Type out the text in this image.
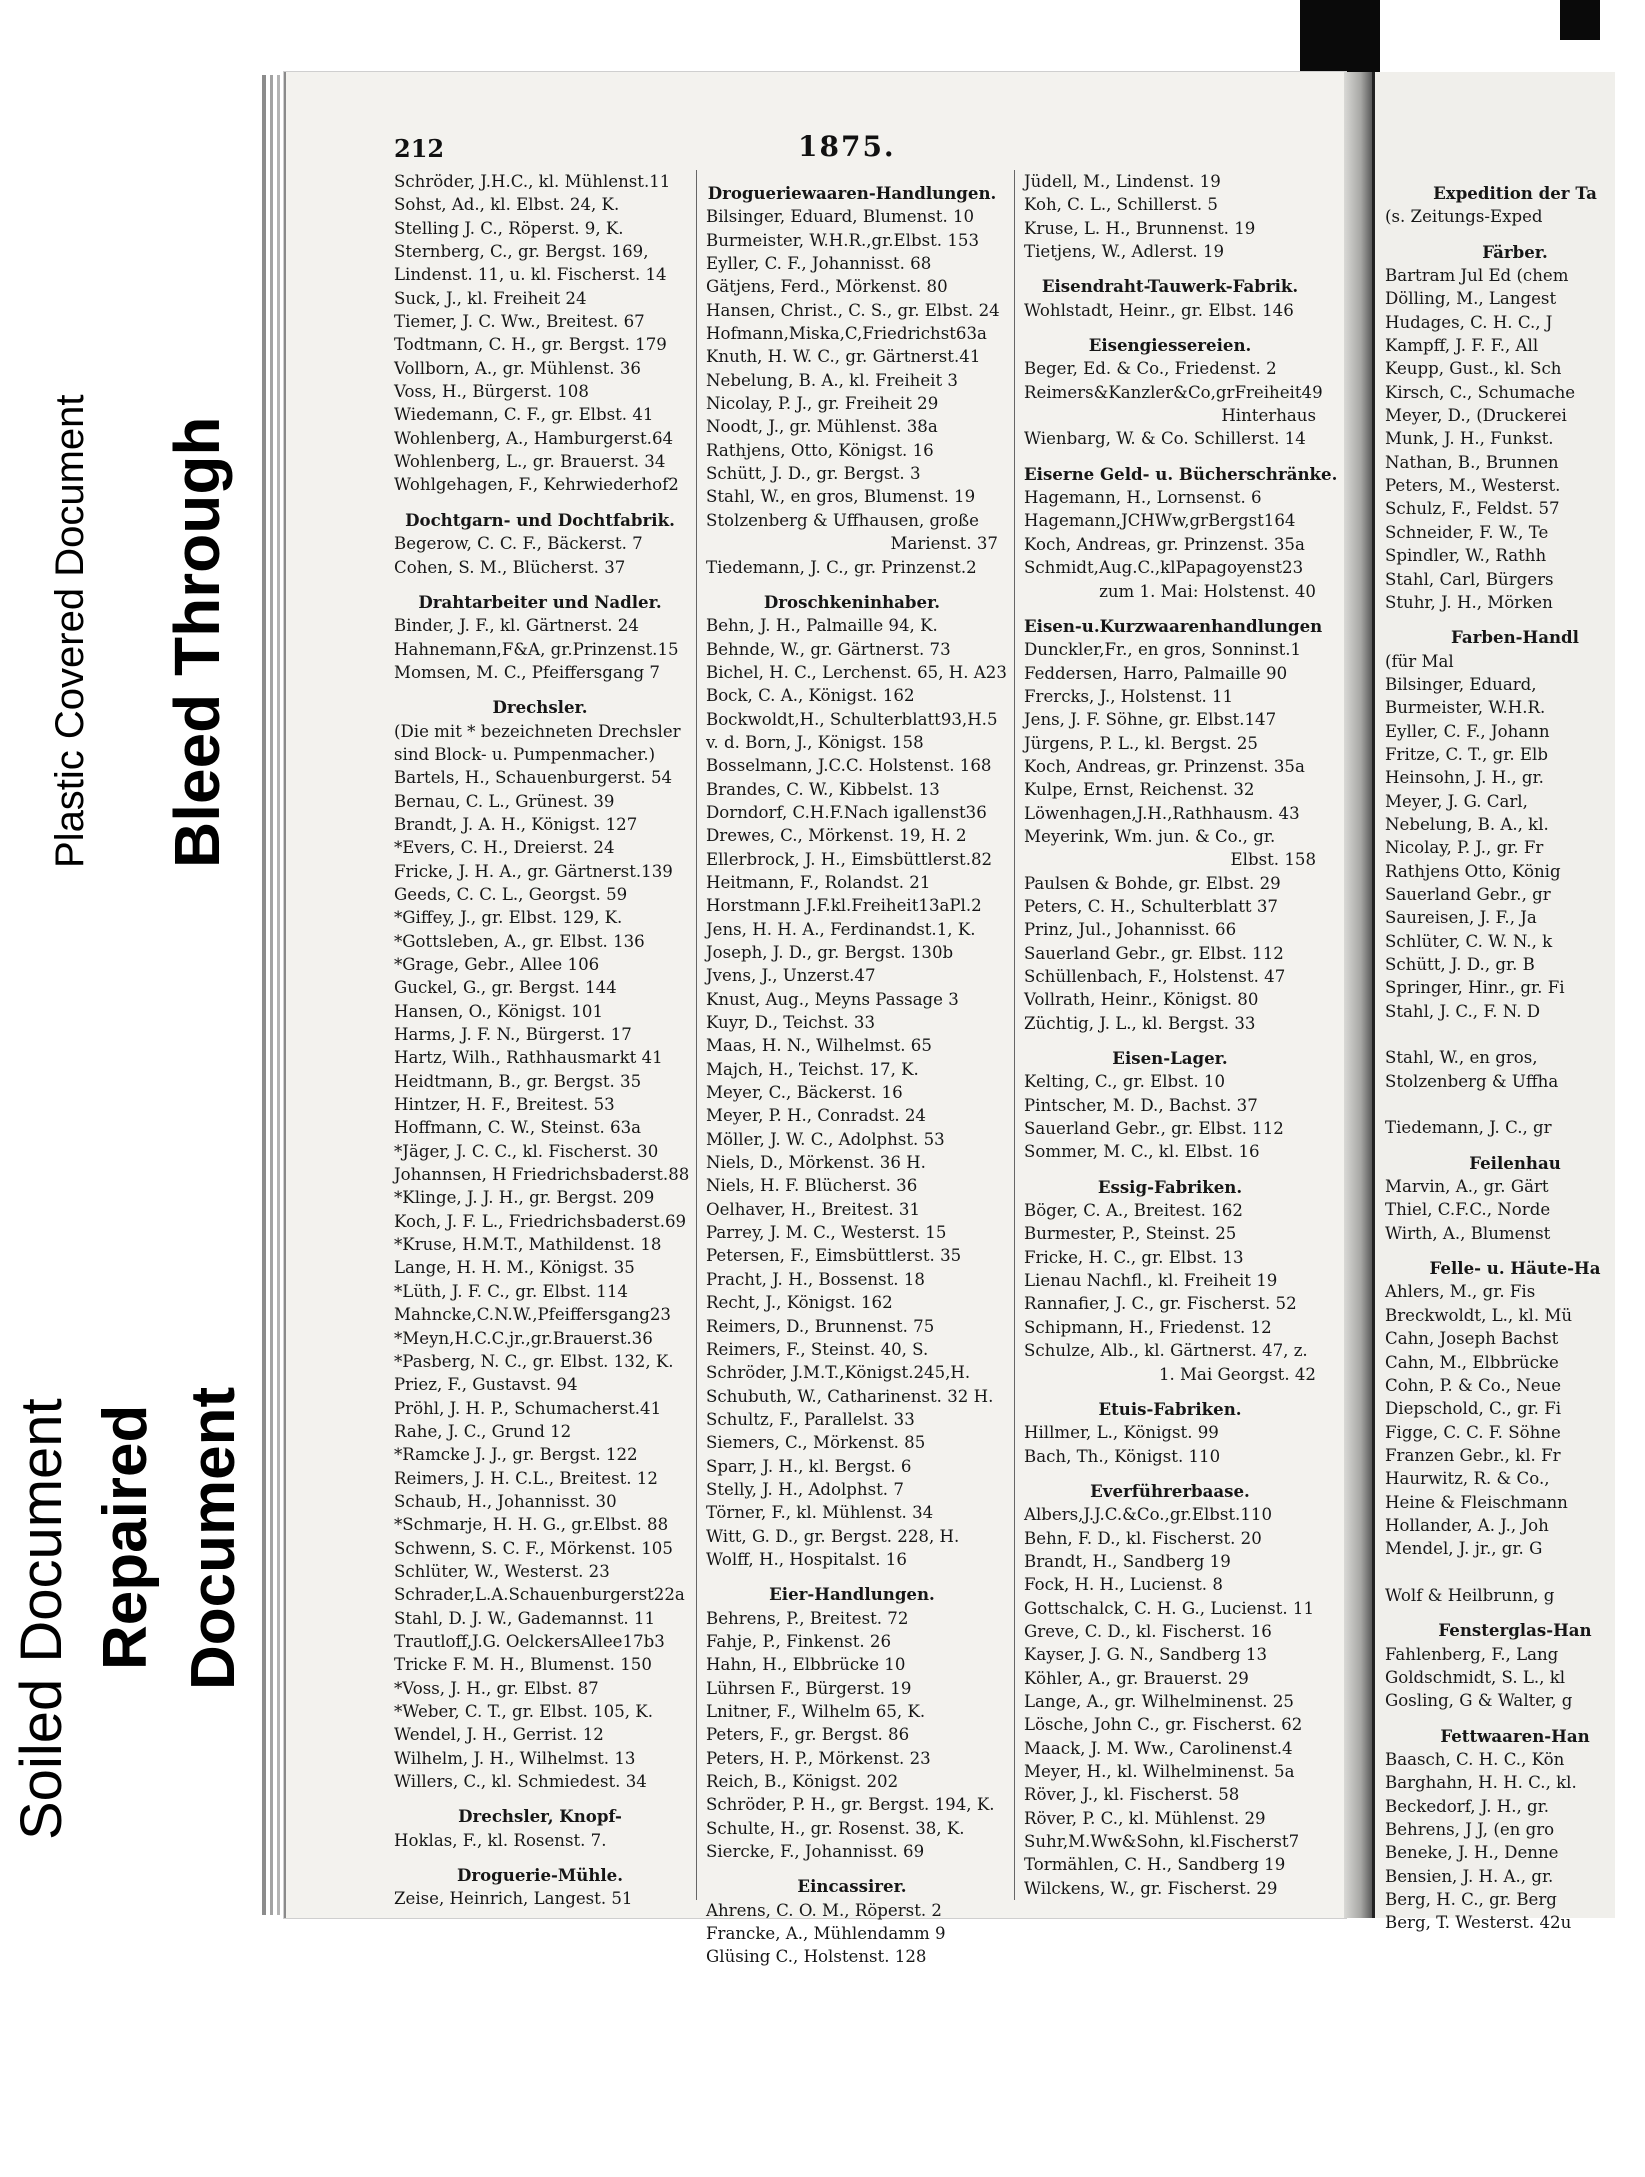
Plastic Covered Document Bleed Through
Soiled Document Repaired Document
212	1875.
Schröder, J.H.C., kl. Mühlenst.11
Sohst, Ad., kl. Elbst. 24, K.
Stelling J. C., Röperst. 9, K.
Sternberg, C., gr. Bergst. 169,
Lindenst. 11, u. kl. Fischerst. 14
Suck, J., kl. Freiheit 24
Tiemer, J. C. Ww., Breitest. 67
Todtmann, C. H., gr. Bergst. 179
Vollborn, A., gr. Mühlenst. 36
Voss, H., Bürgerst. 108
Wiedemann, C. F., gr. Elbst. 41
Wohlenberg, A., Hamburgerst.64
Wohlenberg, L., gr. Brauerst. 34
Wohlgehagen, F., Kehrwiederhof2
Dochtgarn- und Dochtfabrik.
Begerow, C. C. F., Bäckerst. 7
Cohen, S. M., Blücherst. 37
Drahtarbeiter und Nadler.
Binder, J. F., kl. Gärtnerst. 24
Hahnemann,F&A, gr.Prinzenst.15
Momsen, M. C., Pfeiffersgang 7
Drechsler.
(Die mit * bezeichneten Drechsler
sind Block- u. Pumpenmacher.)
Bartels, H., Schauenburgerst. 54
Bernau, C. L., Grünest. 39
Brandt, J. A. H., Königst. 127
*Evers, C. H., Dreierst. 24
Fricke, J. H. A., gr. Gärtnerst.139
Geeds, C. C. L., Georgst. 59
*Giffey, J., gr. Elbst. 129, K.
*Gottsleben, A., gr. Elbst. 136
*Grage, Gebr., Allee 106
Guckel, G., gr. Bergst. 144
Hansen, O., Königst. 101
Harms, J. F. N., Bürgerst. 17
Hartz, Wilh., Rathhausmarkt 41
Heidtmann, B., gr. Bergst. 35
Hintzer, H. F., Breitest. 53
Hoffmann, C. W., Steinst. 63a
*Jäger, J. C. C., kl. Fischerst. 30
Johannsen, H Friedrichsbaderst.88
*Klinge, J. J. H., gr. Bergst. 209
Koch, J. F. L., Friedrichsbaderst.69
*Kruse, H.M.T., Mathildenst. 18
Lange, H. H. M., Königst. 35
*Lüth, J. F. C., gr. Elbst. 114
Mahncke,C.N.W.,Pfeiffersgang23
*Meyn,H.C.C.jr.,gr.Brauerst.36
*Pasberg, N. C., gr. Elbst. 132, K.
Priez, F., Gustavst. 94
Pröhl, J. H. P., Schumacherst.41
Rahe, J. C., Grund 12
*Ramcke J. J., gr. Bergst. 122
Reimers, J. H. C.L., Breitest. 12
Schaub, H., Johannisst. 30
*Schmarje, H. H. G., gr.Elbst. 88
Schwenn, S. C. F., Mörkenst. 105
Schlüter, W., Westerst. 23
Schrader,L.A.Schauenburgerst22a
Stahl, D. J. W., Gademannst. 11
Trautloff,J.G. OelckersAllee17b3
Tricke F. M. H., Blumenst. 150
*Voss, J. H., gr. Elbst. 87
*Weber, C. T., gr. Elbst. 105, K.
Wendel, J. H., Gerrist. 12
Wilhelm, J. H., Wilhelmst. 13
Willers, C., kl. Schmiedest. 34
Drechsler, Knopf-
Hoklas, F., kl. Rosenst. 7.
Droguerie-Mühle.
Zeise, Heinrich, Langest. 51
Drogueriewaaren-Handlungen.
Bilsinger, Eduard, Blumenst. 10
Burmeister, W.H.R.,gr.Elbst. 153
Eyller, C. F., Johannisst. 68
Gätjens, Ferd., Mörkenst. 80
Hansen, Christ., C. S., gr. Elbst. 24
Hofmann,Miska,C,Friedrichst63a
Knuth, H. W. C., gr. Gärtnerst.41
Nebelung, B. A., kl. Freiheit 3
Nicolay, P. J., gr. Freiheit 29
Noodt, J., gr. Mühlenst. 38a
Rathjens, Otto, Königst. 16
Schütt, J. D., gr. Bergst. 3
Stahl, W., en gros, Blumenst. 19
Stolzenberg & Uffhausen, große
Marienst. 37
Tiedemann, J. C., gr. Prinzenst.2
Droschkeninhaber.
Behn, J. H., Palmaille 94, K.
Behnde, W., gr. Gärtnerst. 73
Bichel, H. C., Lerchenst. 65, H. A23
Bock, C. A., Königst. 162
Bockwoldt,H., Schulterblatt93,H.5
v. d. Born, J., Königst. 158
Bosselmann, J.C.C. Holstenst. 168
Brandes, C. W., Kibbelst. 13
Dorndorf, C.H.F.Nach igallenst36
Drewes, C., Mörkenst. 19, H. 2
Ellerbrock, J. H., Eimsbüttlerst.82
Heitmann, F., Rolandst. 21
Horstmann J.F.kl.Freiheit13aPl.2
Jens, H. H. A., Ferdinandst.1, K.
Joseph, J. D., gr. Bergst. 130b
Jvens, J., Unzerst.47
Knust, Aug., Meyns Passage 3
Kuyr, D., Teichst. 33
Maas, H. N., Wilhelmst. 65
Majch, H., Teichst. 17, K.
Meyer, C., Bäckerst. 16
Meyer, P. H., Conradst. 24
Möller, J. W. C., Adolphst. 53
Niels, D., Mörkenst. 36 H.
Niels, H. F. Blücherst. 36
Oelhaver, H., Breitest. 31
Parrey, J. M. C., Westerst. 15
Petersen, F., Eimsbüttlerst. 35
Pracht, J. H., Bossenst. 18
Recht, J., Königst. 162
Reimers, D., Brunnenst. 75
Reimers, F., Steinst. 40, S.
Schröder, J.M.T.,Königst.245,H.
Schubuth, W., Catharinenst. 32 H.
Schultz, F., Parallelst. 33
Siemers, C., Mörkenst. 85
Sparr, J. H., kl. Bergst. 6
Stelly, J. H., Adolphst. 7
Törner, F., kl. Mühlenst. 34
Witt, G. D., gr. Bergst. 228, H.
Wolff, H., Hospitalst. 16
Eier-Handlungen.
Behrens, P., Breitest. 72
Fahje, P., Finkenst. 26
Hahn, H., Elbbrücke 10
Lührsen F., Bürgerst. 19
Lnitner, F., Wilhelm 65, K.
Peters, F., gr. Bergst. 86
Peters, H. P., Mörkenst. 23
Reich, B., Königst. 202
Schröder, P. H., gr. Bergst. 194, K.
Schulte, H., gr. Rosenst. 38, K.
Siercke, F., Johannisst. 69
Eincassirer.
Ahrens, C. O. M., Röperst. 2
Francke, A., Mühlendamm 9
Glüsing C., Holstenst. 128
Jüdell, M., Lindenst. 19
Koh, C. L., Schillerst. 5
Kruse, L. H., Brunnenst. 19
Tietjens, W., Adlerst. 19
Eisendraht-Tauwerk-Fabrik.
Wohlstadt, Heinr., gr. Elbst. 146
Eisengiessereien.
Beger, Ed. & Co., Friedenst. 2
Reimers&Kanzler&Co,grFreiheit49
Hinterhaus
Wienbarg, W. & Co. Schillerst. 14
Eiserne Geld- u. Bücherschränke.
Hagemann, H., Lornsenst. 6
Hagemann,JCHWw,grBergst164
Koch, Andreas, gr. Prinzenst. 35a
Schmidt,Aug.C.,klPapagoyenst23
zum 1. Mai: Holstenst. 40
Eisen-u.Kurzwaarenhandlungen
Dunckler,Fr., en gros, Sonninst.1
Feddersen, Harro, Palmaille 90
Frercks, J., Holstenst. 11
Jens, J. F. Söhne, gr. Elbst.147
Jürgens, P. L., kl. Bergst. 25
Koch, Andreas, gr. Prinzenst. 35a
Kulpe, Ernst, Reichenst. 32
Löwenhagen,J.H.,Rathhausm. 43
Meyerink, Wm. jun. & Co., gr.
Elbst. 158
Paulsen & Bohde, gr. Elbst. 29
Peters, C. H., Schulterblatt 37
Prinz, Jul., Johannisst. 66
Sauerland Gebr., gr. Elbst. 112
Schüllenbach, F., Holstenst. 47
Vollrath, Heinr., Königst. 80
Züchtig, J. L., kl. Bergst. 33
Eisen-Lager.
Kelting, C., gr. Elbst. 10
Pintscher, M. D., Bachst. 37
Sauerland Gebr., gr. Elbst. 112
Sommer, M. C., kl. Elbst. 16
Essig-Fabriken.
Böger, C. A., Breitest. 162
Burmester, P., Steinst. 25
Fricke, H. C., gr. Elbst. 13
Lienau Nachfl., kl. Freiheit 19
Rannafier, J. C., gr. Fischerst. 52
Schipmann, H., Friedenst. 12
Schulze, Alb., kl. Gärtnerst. 47, z.
1. Mai Georgst. 42
Etuis-Fabriken.
Hillmer, L., Königst. 99
Bach, Th., Königst. 110
Everführerbaase.
Albers,J.J.C.&Co.,gr.Elbst.110
Behn, F. D., kl. Fischerst. 20
Brandt, H., Sandberg 19
Fock, H. H., Lucienst. 8
Gottschalck, C. H. G., Lucienst. 11
Greve, C. D., kl. Fischerst. 16
Kayser, J. G. N., Sandberg 13
Köhler, A., gr. Brauerst. 29
Lange, A., gr. Wilhelminenst. 25
Lösche, John C., gr. Fischerst. 62
Maack, J. M. Ww., Carolinenst.4
Meyer, H., kl. Wilhelminenst. 5a
Röver, J., kl. Fischerst. 58
Röver, P. C., kl. Mühlenst. 29
Suhr,M.Ww&Sohn, kl.Fischerst7
Tormählen, C. H., Sandberg 19
Wilckens, W., gr. Fischerst. 29
Expedition der Ta
(s. Zeitungs-Exped
Färber.
Bartram Jul Ed (chem
Dölling, M., Langest
Hudages, C. H. C., J
Kampff, J. F. F., All
Keupp, Gust., kl. Sch
Kirsch, C., Schumache
Meyer, D., (Druckerei
Munk, J. H., Funkst.
Nathan, B., Brunnen
Peters, M., Westerst.
Schulz, F., Feldst. 57
Schneider, F. W., Te
Spindler, W., Rathh
Stahl, Carl, Bürgers
Stuhr, J. H., Mörken
Farben-Handl
(für Mal
Bilsinger, Eduard,
Burmeister, W.H.R.
Eyller, C. F., Johann
Fritze, C. T., gr. Elb
Heinsohn, J. H., gr.
Meyer, J. G. Carl,
Nebelung, B. A., kl.
Nicolay, P. J., gr. Fr
Rathjens Otto, König
Sauerland Gebr., gr
Saureisen, J. F., Ja
Schlüter, C. W. N., k
Schütt, J. D., gr. B
Springer, Hinr., gr. Fi
Stahl, J. C., F. N. D
Stahl, W., en gros,
Stolzenberg & Uffha
Tiedemann, J. C., gr
Feilenhau
Marvin, A., gr. Gärt
Thiel, C.F.C., Norde
Wirth, A., Blumenst
Felle- u. Häute-Ha
Ahlers, M., gr. Fis
Breckwoldt, L., kl. Mü
Cahn, Joseph Bachst
Cahn, M., Elbbrücke
Cohn, P. & Co., Neue
Diepschold, C., gr. Fi
Figge, C. C. F. Söhne
Franzen Gebr., kl. Fr
Haurwitz, R. & Co.,
Heine & Fleischmann
Hollander, A. J., Joh
Mendel, J. jr., gr. G
Wolf & Heilbrunn, g
Fensterglas-Han
Fahlenberg, F., Lang
Goldschmidt, S. L., kl
Gosling, G & Walter, g
Fettwaaren-Han
Baasch, C. H. C., Kön
Barghahn, H. H. C., kl.
Beckedorf, J. H., gr.
Behrens, J J, (en gro
Beneke, J. H., Denne
Bensien, J. H. A., gr.
Berg, H. C., gr. Berg
Berg, T. Westerst. 42u
